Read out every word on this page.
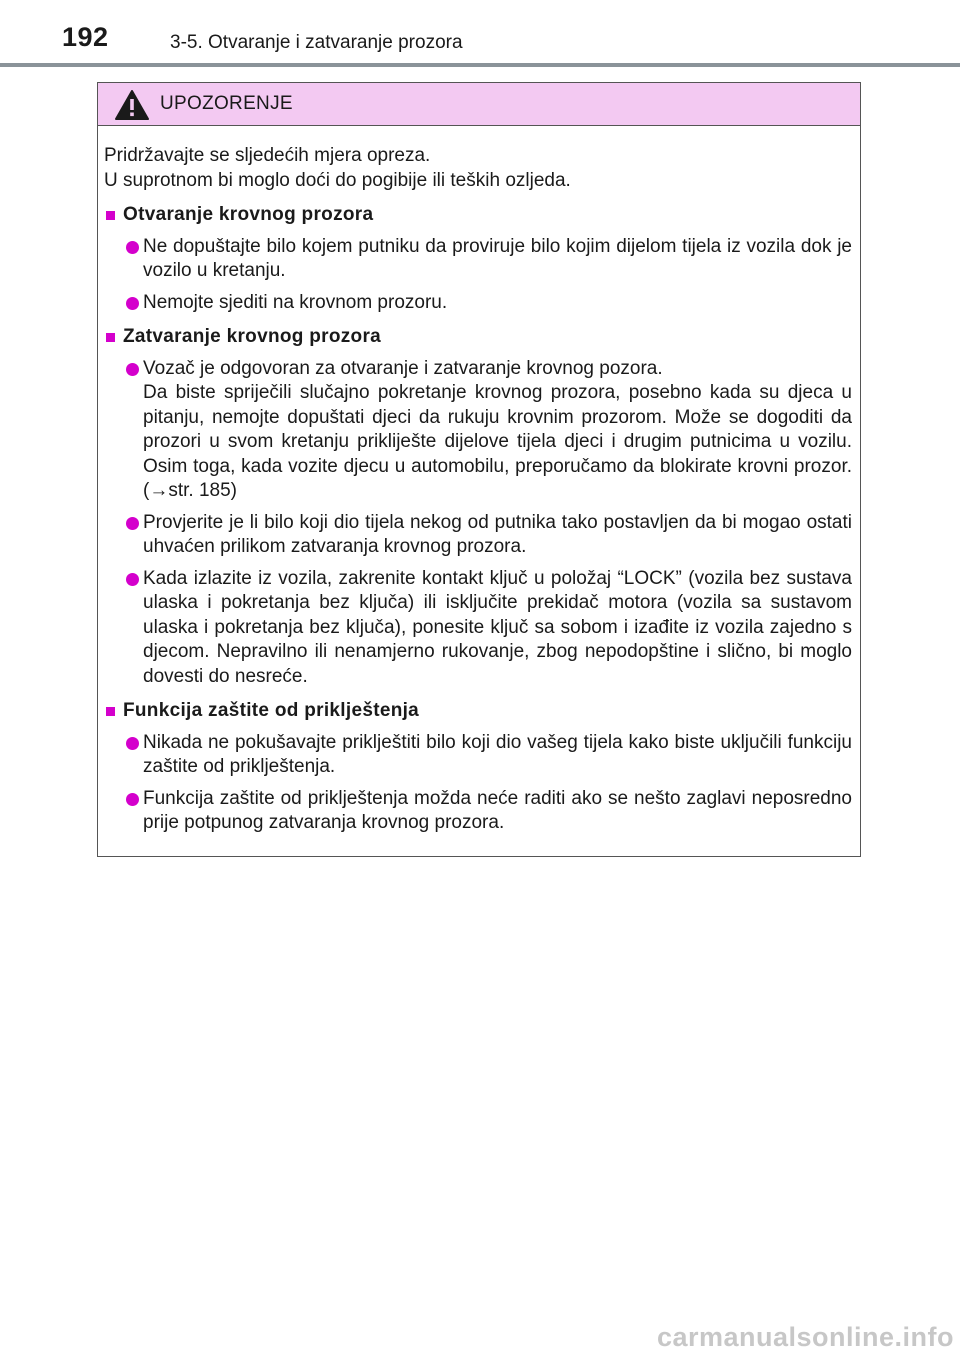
192	3-5. Otvaranje i zatvaranje prozora
UPOZORENJE

Pridržavajte se sljedećih mjera opreza.

U suprotnom bi moglo doći do pogibije ili teških ozljeda.

Otvaranje krovnog prozora

Ne dopuštajte bilo kojem putniku da proviruje bilo kojim dijelom tijela iz vozila dok je vozilo u kretanju.

Nemojte sjediti na krovnom prozoru.

Zatvaranje krovnog prozora

Vozač je odgovoran za otvaranje i zatvaranje krovnog pozora.

Da biste spriječili slučajno pokretanje krovnog prozora, posebno kada su djeca u pitanju, nemojte dopuštati djeci da rukuju krovnim prozorom. Može se dogoditi da prozori u svom kretanju prikliješte dijelove tijela djeci i drugim putnicima u vozilu. Osim toga, kada vozite djecu u automobilu, preporučamo da blokirate krovni prozor. (→str. 185)

Provjerite je li bilo koji dio tijela nekog od putnika tako postavljen da bi mogao ostati uhvaćen prilikom zatvaranja krovnog prozora.

Kada izlazite iz vozila, zakrenite kontakt ključ u položaj “LOCK” (vozila bez sustava ulaska i pokretanja bez ključa) ili isključite prekidač motora (vozila sa sustavom ulaska i pokretanja bez ključa), ponesite ključ sa sobom i izađite iz vozila zajedno s djecom. Nepravilno ili nenamjerno rukovanje, zbog nepodopštine i slično, bi moglo dovesti do nesreće.

Funkcija zaštite od priklještenja

Nikada ne pokušavajte priklještiti bilo koji dio vašeg tijela kako biste uključili funkciju zaštite od priklještenja.

Funkcija zaštite od priklještenja možda neće raditi ako se nešto zaglavi neposredno prije potpunog zatvaranja krovnog prozora.

carmanualsonline.info
